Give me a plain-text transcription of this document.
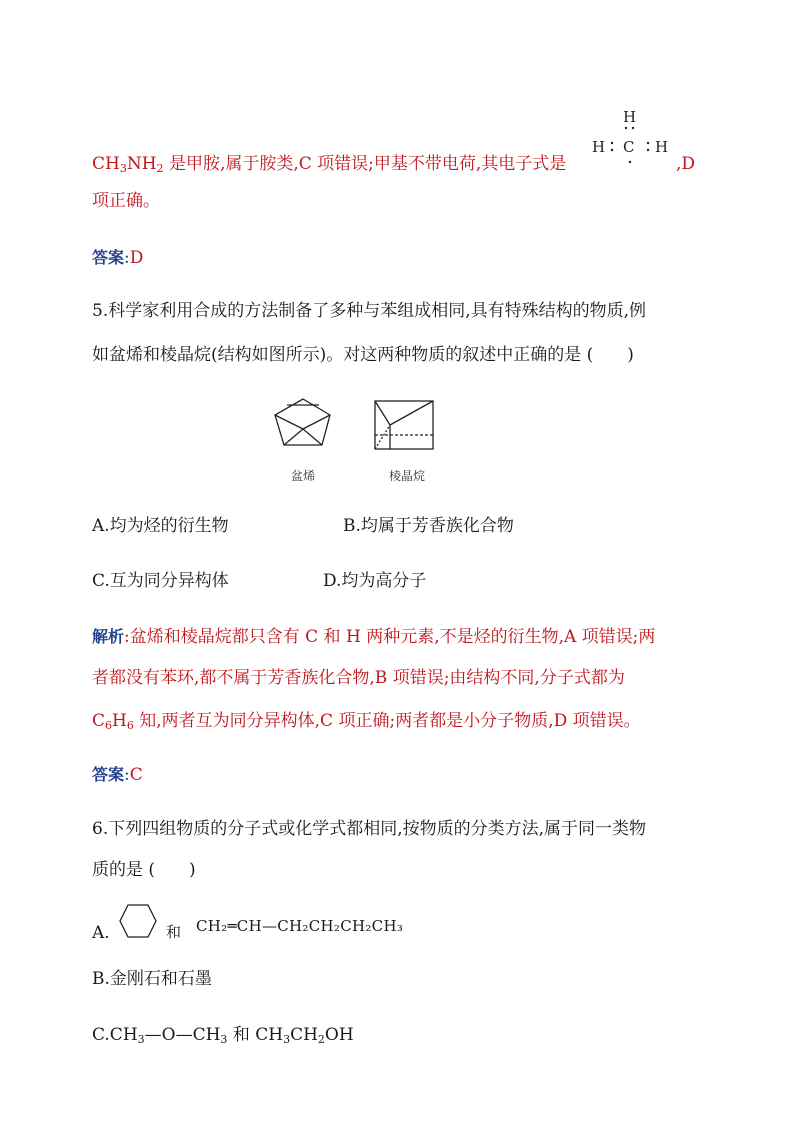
$CH_3NH_2$ 是甲胺,属于胺类,C 项错误;甲基不带电荷,其电子式是
H
H C H
,D
项正确。
答案:D
5.科学家利用合成的方法制备了多种与苯组成相同,具有特殊结构的物质,例
如盆烯和棱晶烷(结构如图所示)。对这两种物质的叙述中正确的是 (　　)
盆烯	棱晶烷
A.均为烃的衍生物	B.均属于芳香族化合物
C.互为同分异构体	D.均为高分子
解析:盆烯和棱晶烷都只含有 C 和 H 两种元素,不是烃的衍生物,A 项错误;两
者都没有苯环,都不属于芳香族化合物,B 项错误;由结构不同,分子式都为
$C_6H_6$ 知,两者互为同分异构体,C 项正确;两者都是小分子物质,D 项错误。
答案:C
6.下列四组物质的分子式或化学式都相同,按物质的分类方法,属于同一类物
质的是 (　　)
A.	和 CH₂═CH—CH₂CH₂CH₂CH₃
B.金刚石和石墨
$C.CH_3—O—CH_3$ 和 $CH_3CH_2OH$
